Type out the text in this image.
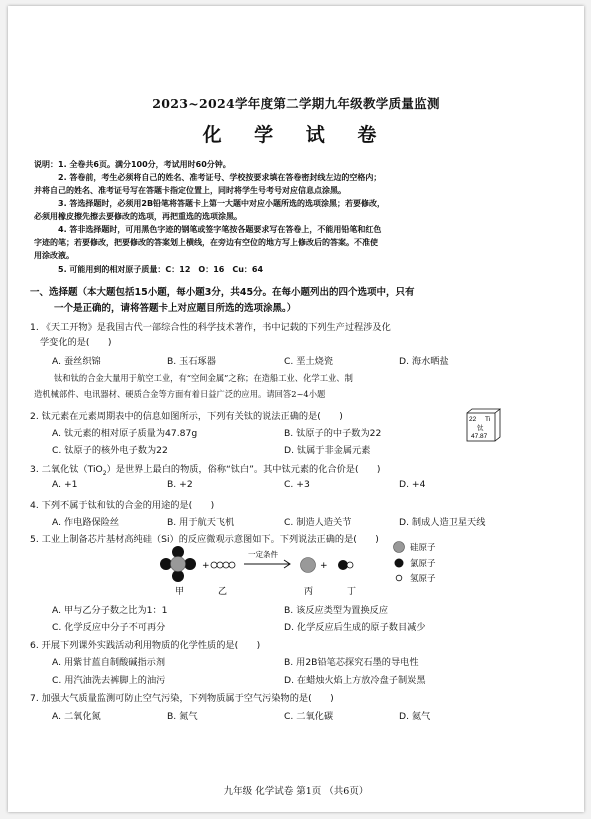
2023~2024学年度第二学期九年级教学质量监测
化 学 试 卷
说明：1. 全卷共6页。满分100分，考试用时60分钟。
2. 答卷前，考生必须将自己的姓名、准考证号、学校按要求填在答卷密封线左边的空格内；
并将自己的姓名、准考证号写在答题卡指定位置上，同时将学生号考号对应信息点涂黑。
3. 答选择题时，必须用2B铅笔将答题卡上第一大题中对应小题所选的选项涂黑；若要修改，
必须用橡皮擦先擦去要修改的选项，再把重选的选项涂黑。
4. 答非选择题时，可用黑色字迹的钢笔或签字笔按各题要求写在答卷上，不能用铅笔和红色
字迹的笔；若要修改，把要修改的答案划上横线，在旁边有空位的地方写上修改后的答案。不准使
用涂改液。
5. 可能用到的相对原子质量：C：12　O：16　Cu：64
一、选择题（本大题包括15小题，每小题3分，共45分。在每小题列出的四个选项中，只有
一个是正确的，请将答题卡上对应题目所选的选项涂黑。）
1. 《天工开物》是我国古代一部综合性的科学技术著作，书中记载的下列生产过程涉及化
学变化的是(　　)
A. 蚕丝织锦	B. 玉石琢器	C. 垩土烧瓷	D. 海水晒盐
钛和钛的合金大量用于航空工业，有“空间金属”之称；在造船工业、化学工业、制
造机械部件、电讯器材、硬质合金等方面有着日益广泛的应用。请回答2~4小题
2. 钛元素在元素周期表中的信息如图所示，下列有关钛的说法正确的是(　　)
A. 钛元素的相对原子质量为47.87g	B. 钛原子的中子数为22
C. 钛原子的核外电子数为22	D. 钛属于非金属元素
22 Ti
钛
47.87
3. 二氧化钛（TiO$_2$）是世界上最白的物质，俗称“钛白”。其中钛元素的化合价是(　　)
A. +1	B. +2	C. +3	D. +4
4. 下列不属于钛和钛的合金的用途的是(　　)
A. 作电路保险丝	B. 用于航天飞机	C. 制造人造关节	D. 制成人造卫星天线
5. 工业上制备芯片基材高纯硅（Si）的反应微观示意图如下。下列说法正确的是(　　)
+
一定条件
+
甲	乙	丙	丁
硅原子
氯原子
氢原子
A. 甲与乙分子数之比为1：1	B. 该反应类型为置换反应
C. 化学反应中分子不可再分	D. 化学反应后生成的原子数目减少
6. 开展下列课外实践活动利用物质的化学性质的是(　　)
A. 用紫甘蓝自制酸碱指示剂	B. 用2B铅笔芯探究石墨的导电性
C. 用汽油洗去裤脚上的油污	D. 在蜡烛火焰上方放冷盘子制炭黑
7. 加强大气质量监测可防止空气污染，下列物质属于空气污染物的是(　　)
A. 二氧化氮	B. 氮气	C. 二氧化碳	D. 氦气
九年级 化学试卷 第1页 （共6页）
